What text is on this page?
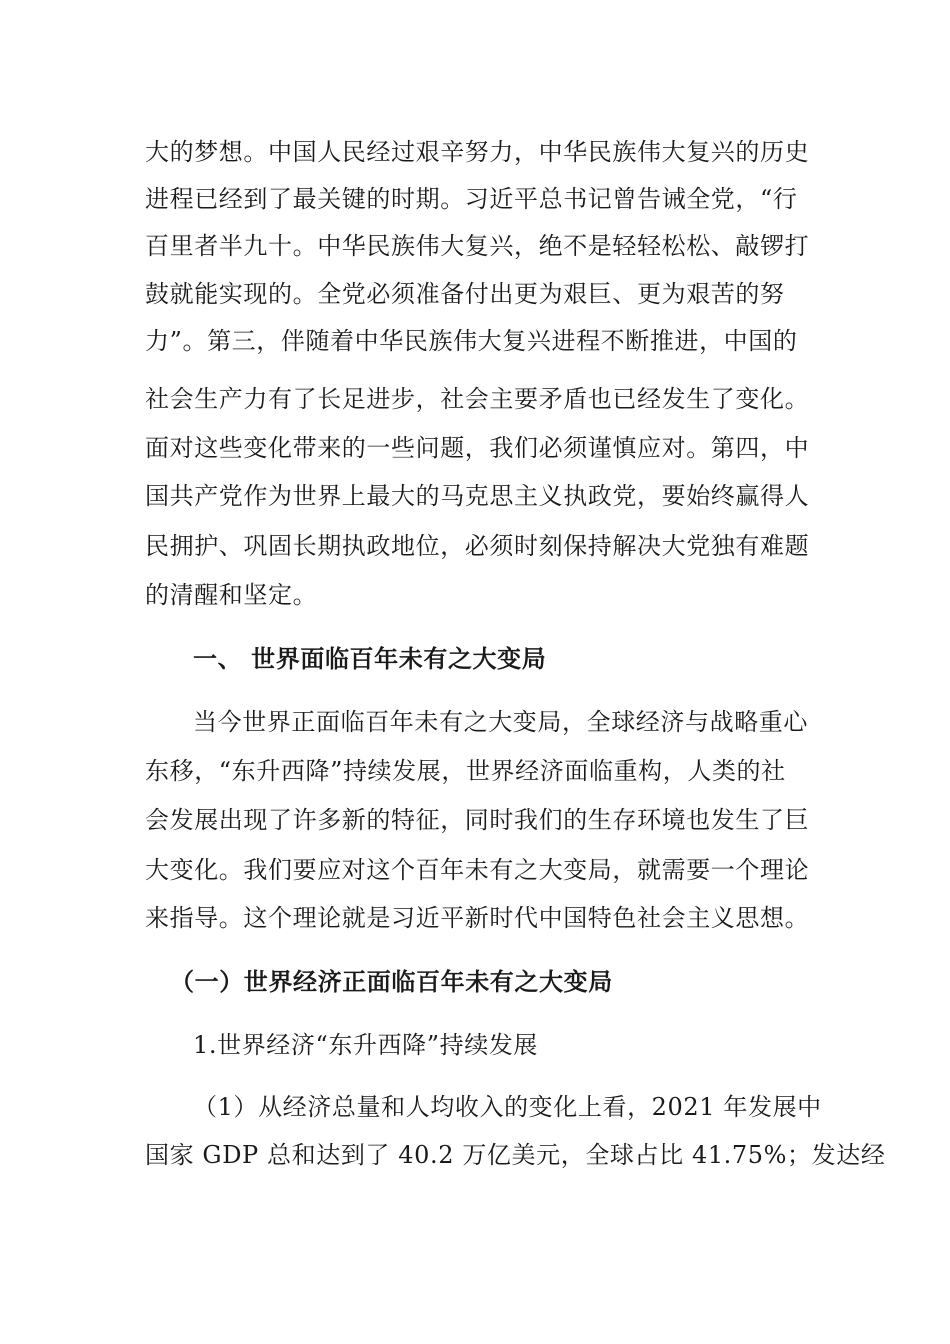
大的梦想。中国人民经过艰辛努力，中华民族伟大复兴的历史
进程已经到了最关键的时期。习近平总书记曾告诫全党，“行
百里者半九十。中华民族伟大复兴，绝不是轻轻松松、敲锣打
鼓就能实现的。全党必须准备付出更为艰巨、更为艰苦的努
力”。第三，伴随着中华民族伟大复兴进程不断推进，中国的
社会生产力有了长足进步，社会主要矛盾也已经发生了变化。
面对这些变化带来的一些问题，我们必须谨慎应对。第四，中
国共产党作为世界上最大的马克思主义执政党，要始终赢得人
民拥护、巩固长期执政地位，必须时刻保持解决大党独有难题
的清醒和坚定。
一、 世界面临百年未有之大变局
当今世界正面临百年未有之大变局，全球经济与战略重心
东移，“东升西降”持续发展，世界经济面临重构，人类的社
会发展出现了许多新的特征，同时我们的生存环境也发生了巨
大变化。我们要应对这个百年未有之大变局，就需要一个理论
来指导。这个理论就是习近平新时代中国特色社会主义思想。
（一）世界经济正面临百年未有之大变局
1.世界经济“东升西降”持续发展
（1）从经济总量和人均收入的变化上看，2021 年发展中
国家 GDP 总和达到了 40.2 万亿美元，全球占比 41.75%；发达经
